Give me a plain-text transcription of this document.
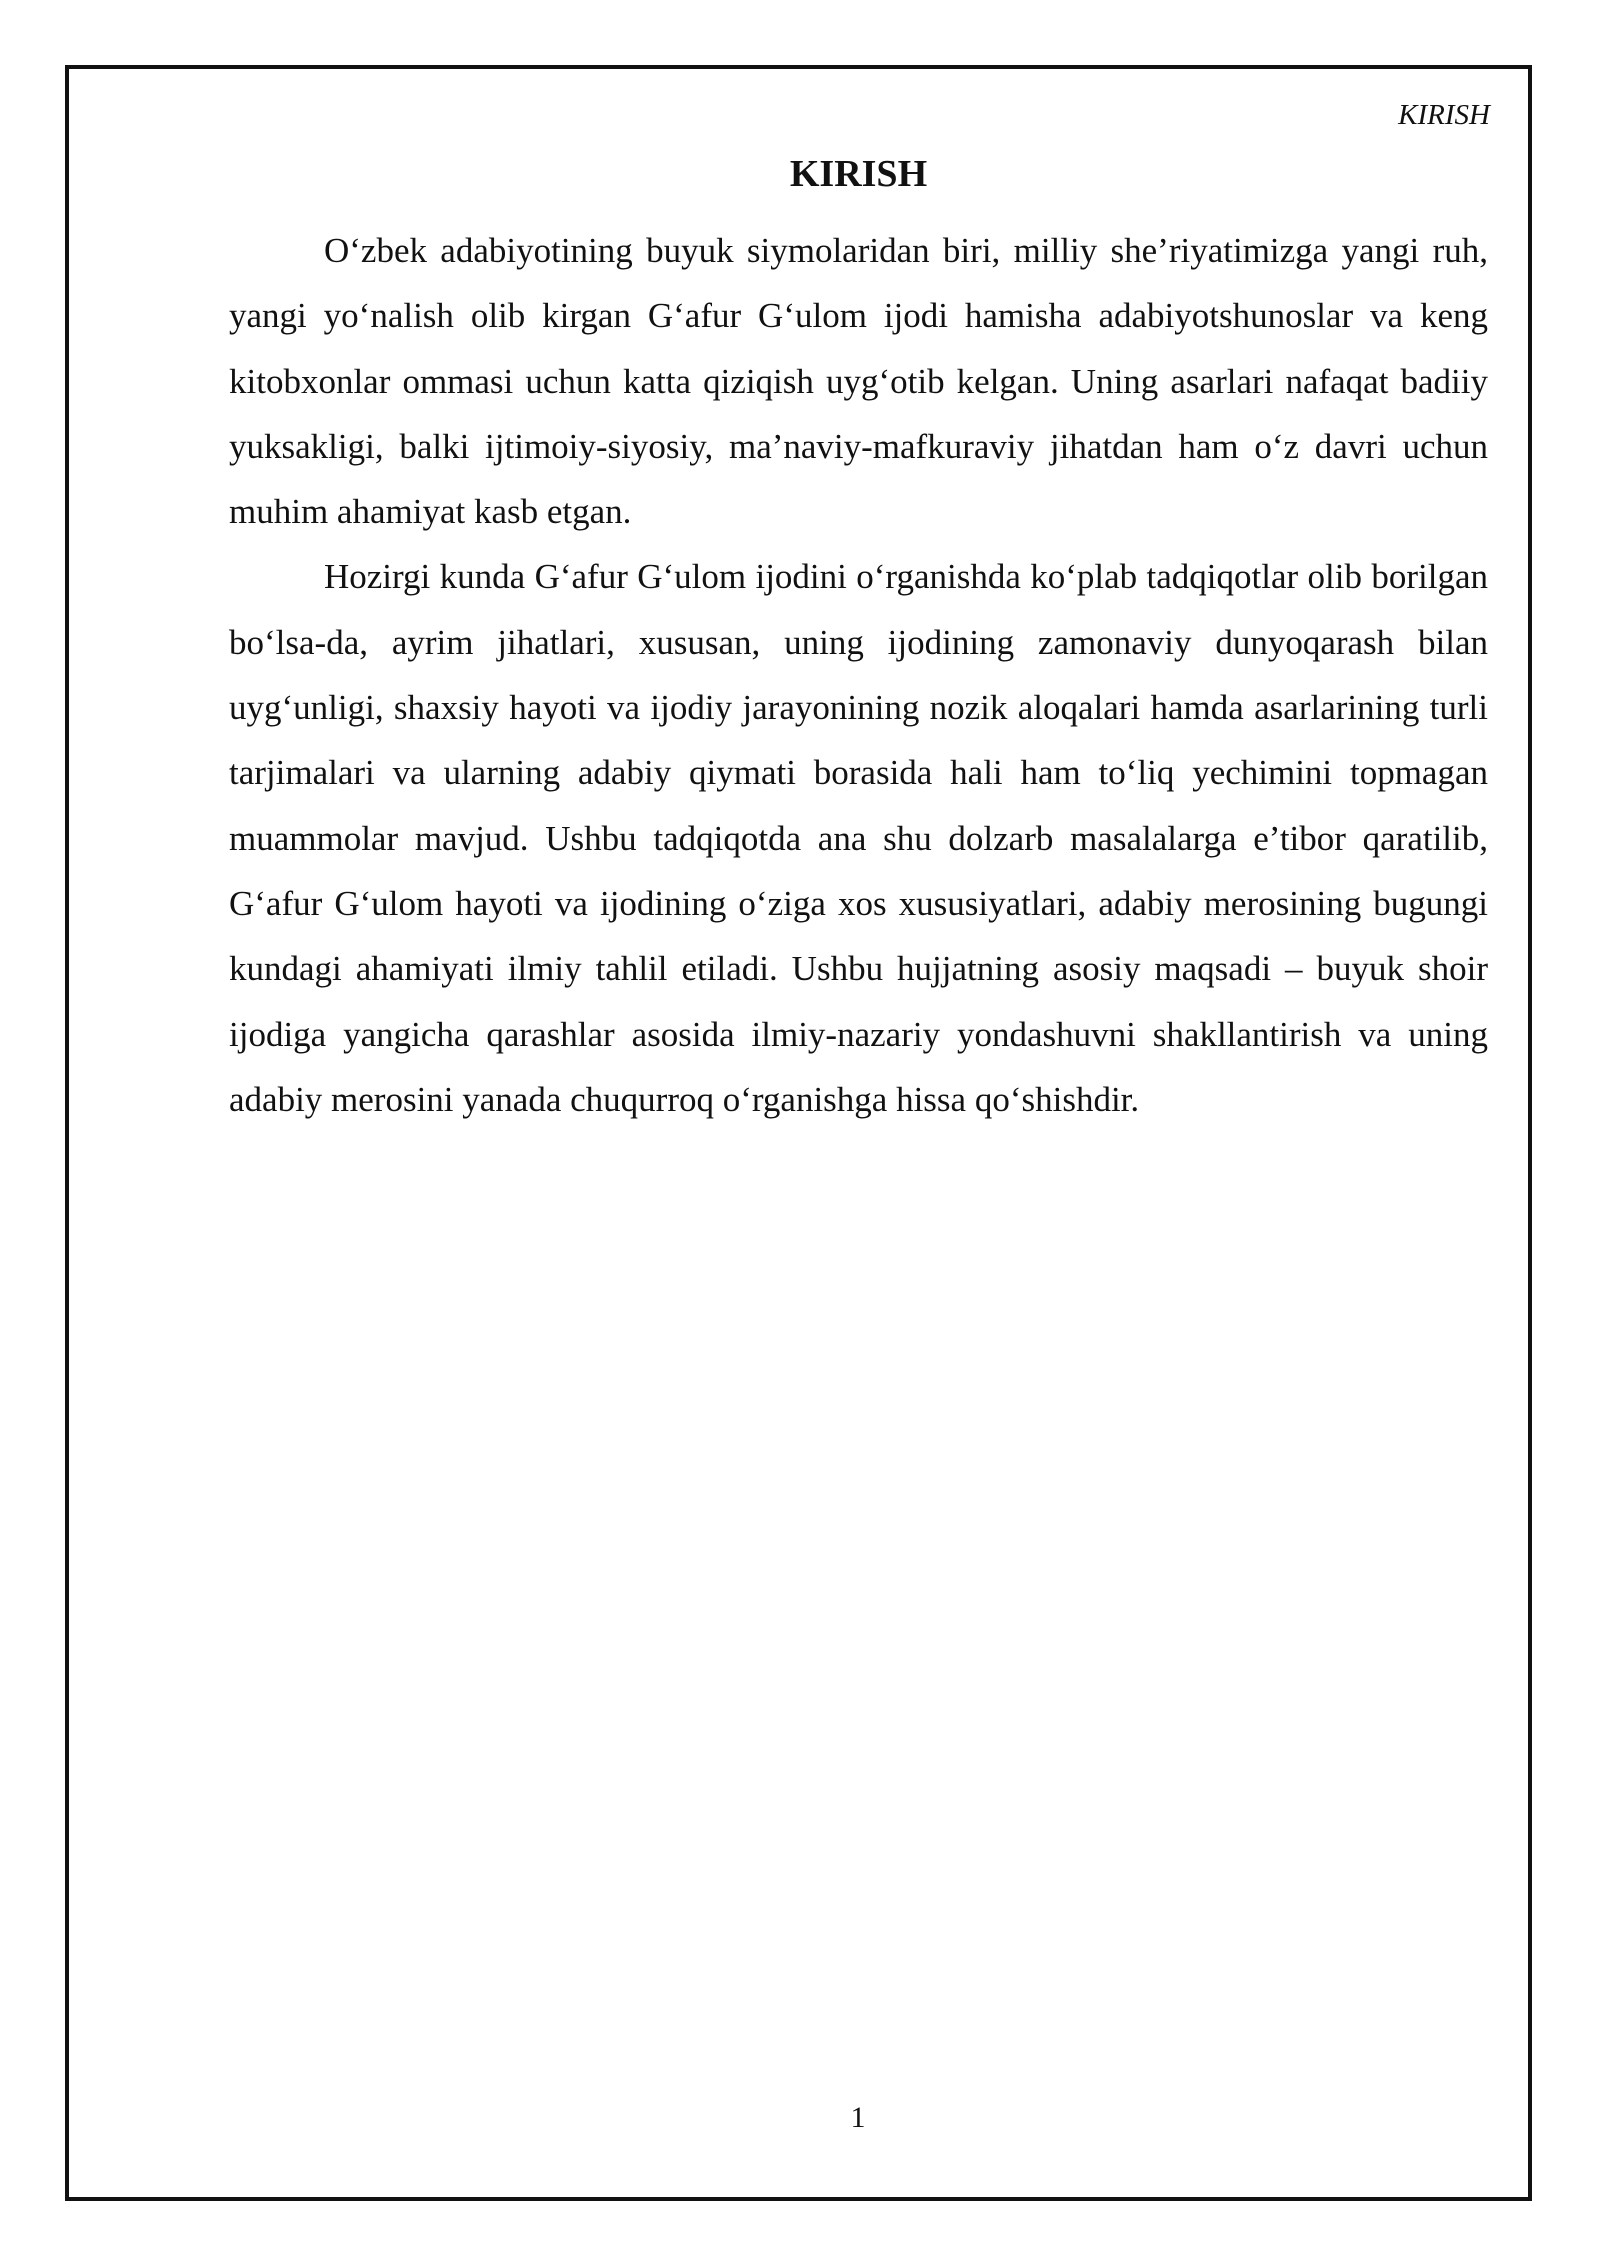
KIRISH
KIRISH

O‘zbek adabiyotining buyuk siymolaridan biri, milliy she’riyatimizga yangi ruh, yangi yo‘nalish olib kirgan G‘afur G‘ulom ijodi hamisha adabiyotshunoslar va keng kitobxonlar ommasi uchun katta qiziqish uyg‘otib kelgan. Uning asarlari nafaqat badiiy yuksakligi, balki ijtimoiy-siyosiy, ma’naviy-mafkuraviy jihatdan ham o‘z davri uchun muhim ahamiyat kasb etgan.

Hozirgi kunda G‘afur G‘ulom ijodini o‘rganishda ko‘plab tadqiqotlar olib borilgan bo‘lsa-da, ayrim jihatlari, xususan, uning ijodining zamonaviy dunyoqarash bilan uyg‘unligi, shaxsiy hayoti va ijodiy jarayonining nozik aloqalari hamda asarlarining turli tarjimalari va ularning adabiy qiymati borasida hali ham to‘liq yechimini topmagan muammolar mavjud. Ushbu tadqiqotda ana shu dolzarb masalalarga e’tibor qaratilib, G‘afur G‘ulom hayoti va ijodining o‘ziga xos xususiyatlari, adabiy merosining bugungi kundagi ahamiyati ilmiy tahlil etiladi. Ushbu hujjatning asosiy maqsadi – buyuk shoir ijodiga yangicha qarashlar asosida ilmiy-nazariy yondashuvni shakllantirish va uning adabiy merosini yanada chuqurroq o‘rganishga hissa qo‘shishdir.

1
